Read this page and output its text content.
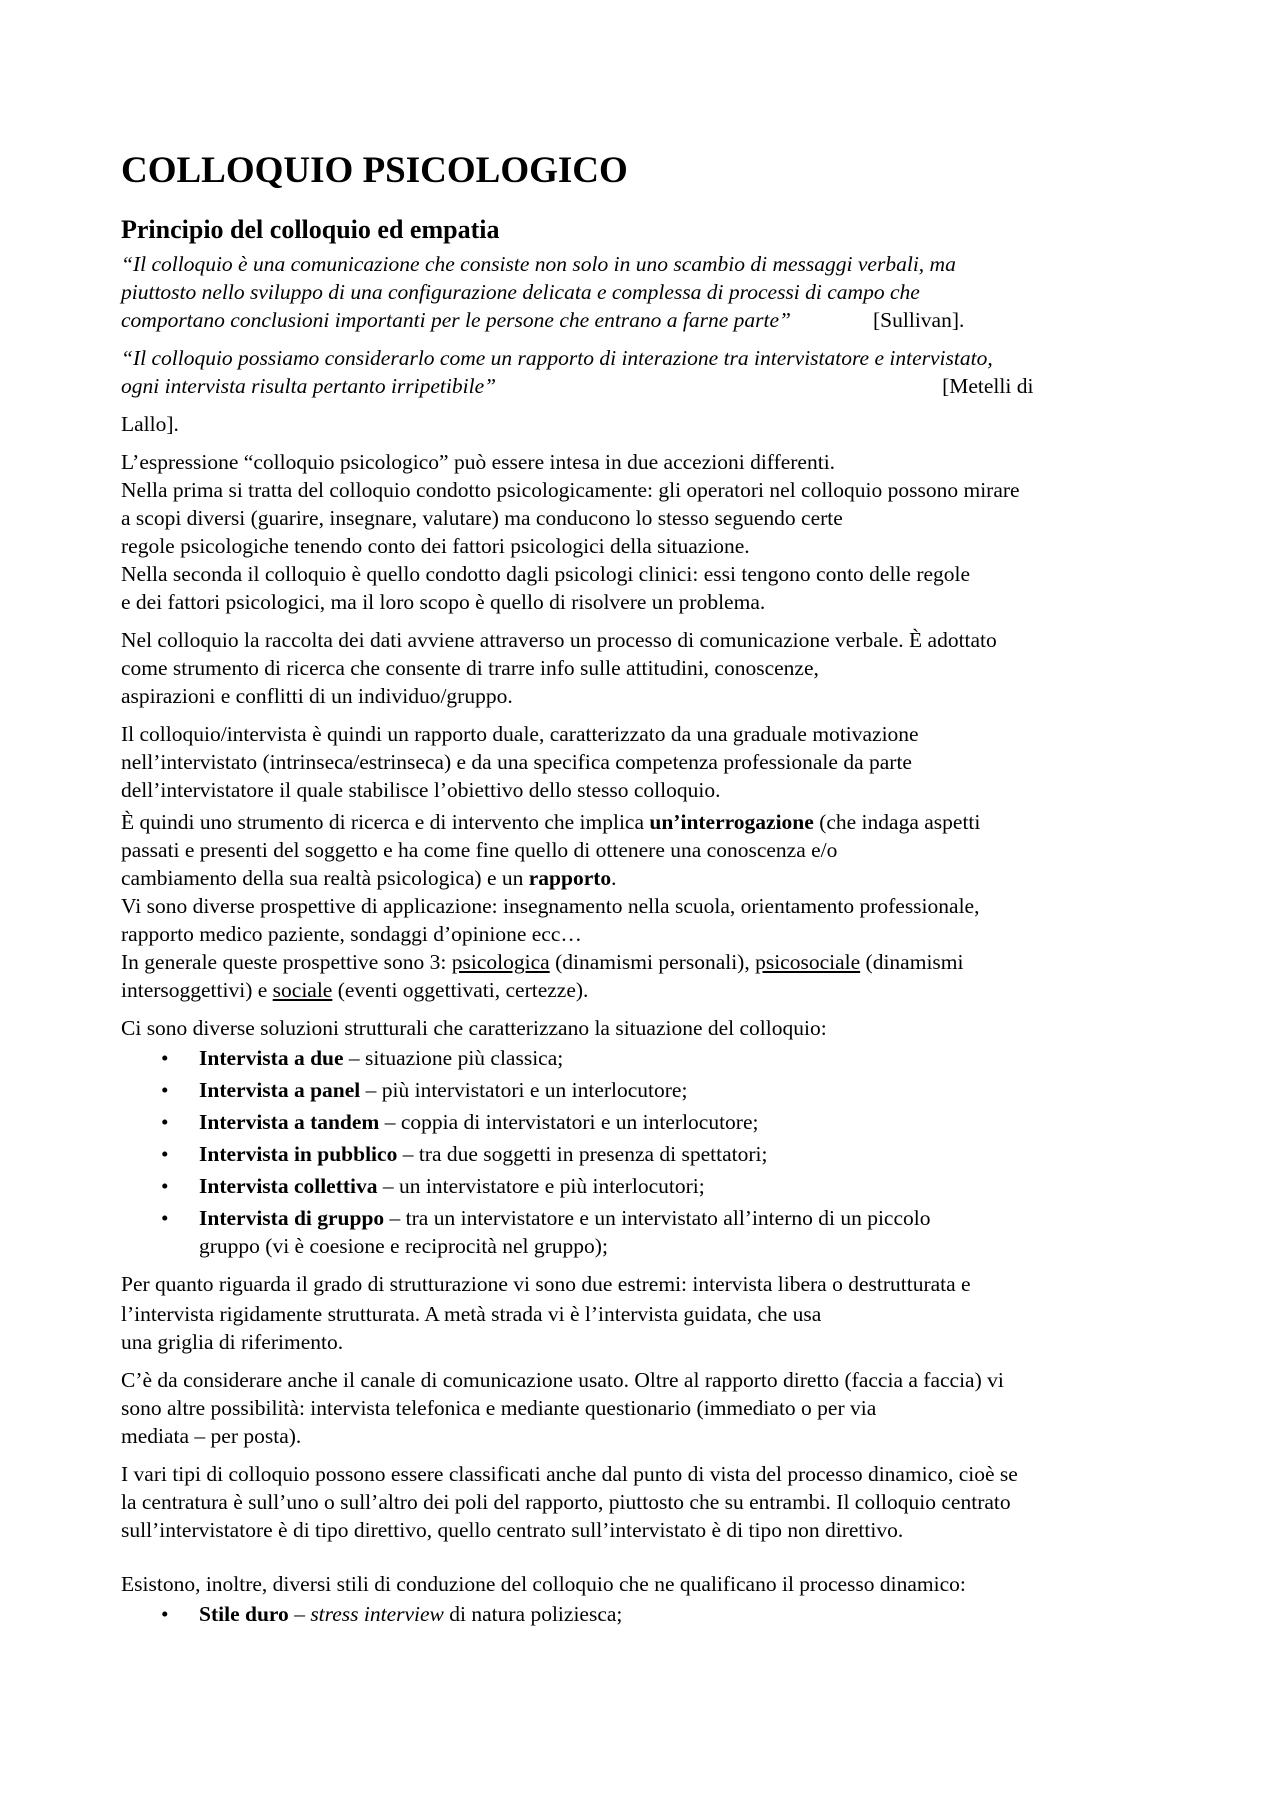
COLLOQUIO PSICOLOGICO
Principio del colloquio ed empatia
“Il colloquio è una comunicazione che consiste non solo in uno scambio di messaggi verbali, ma
piuttosto nello sviluppo di una configurazione delicata e complessa di processi di campo che
comportano conclusioni importanti per le persone che entrano a farne parte”	[Sullivan].
“Il colloquio possiamo considerarlo come un rapporto di interazione tra intervistatore e intervistato,
ogni intervista risulta pertanto irripetibile”	[Metelli di
Lallo].
L’espressione “colloquio psicologico” può essere intesa in due accezioni differenti.
Nella prima si tratta del colloquio condotto psicologicamente: gli operatori nel colloquio possono mirare
a scopi diversi (guarire, insegnare, valutare) ma conducono lo stesso seguendo certe
regole psicologiche tenendo conto dei fattori psicologici della situazione.
Nella seconda il colloquio è quello condotto dagli psicologi clinici: essi tengono conto delle regole
e dei fattori psicologici, ma il loro scopo è quello di risolvere un problema.
Nel colloquio la raccolta dei dati avviene attraverso un processo di comunicazione verbale. È adottato
come strumento di ricerca che consente di trarre info sulle attitudini, conoscenze,
aspirazioni e conflitti di un individuo/gruppo.
Il colloquio/intervista è quindi un rapporto duale, caratterizzato da una graduale motivazione
nell’intervistato (intrinseca/estrinseca) e da una specifica competenza professionale da parte
dell’intervistatore il quale stabilisce l’obiettivo dello stesso colloquio.
È quindi uno strumento di ricerca e di intervento che implica un’interrogazione (che indaga aspetti
passati e presenti del soggetto e ha come fine quello di ottenere una conoscenza e/o
cambiamento della sua realtà psicologica) e un rapporto.
Vi sono diverse prospettive di applicazione: insegnamento nella scuola, orientamento professionale,
rapporto medico paziente, sondaggi d’opinione ecc…
In generale queste prospettive sono 3: psicologica (dinamismi personali), psicosociale (dinamismi
intersoggettivi) e sociale (eventi oggettivati, certezze).
Ci sono diverse soluzioni strutturali che caratterizzano la situazione del colloquio:
• Intervista a due – situazione più classica;
• Intervista a panel – più intervistatori e un interlocutore;
• Intervista a tandem – coppia di intervistatori e un interlocutore;
• Intervista in pubblico – tra due soggetti in presenza di spettatori;
• Intervista collettiva – un intervistatore e più interlocutori;
• Intervista di gruppo – tra un intervistatore e un intervistato all’interno di un piccolo
gruppo (vi è coesione e reciprocità nel gruppo);
Per quanto riguarda il grado di strutturazione vi sono due estremi: intervista libera o destrutturata e
l’intervista rigidamente strutturata. A metà strada vi è l’intervista guidata, che usa
una griglia di riferimento.
C’è da considerare anche il canale di comunicazione usato. Oltre al rapporto diretto (faccia a faccia) vi
sono altre possibilità: intervista telefonica e mediante questionario (immediato o per via
mediata – per posta).
I vari tipi di colloquio possono essere classificati anche dal punto di vista del processo dinamico, cioè se
la centratura è sull’uno o sull’altro dei poli del rapporto, piuttosto che su entrambi. Il colloquio centrato
sull’intervistatore è di tipo direttivo, quello centrato sull’intervistato è di tipo non direttivo.
Esistono, inoltre, diversi stili di conduzione del colloquio che ne qualificano il processo dinamico:
• Stile duro – stress interview di natura poliziesca;
